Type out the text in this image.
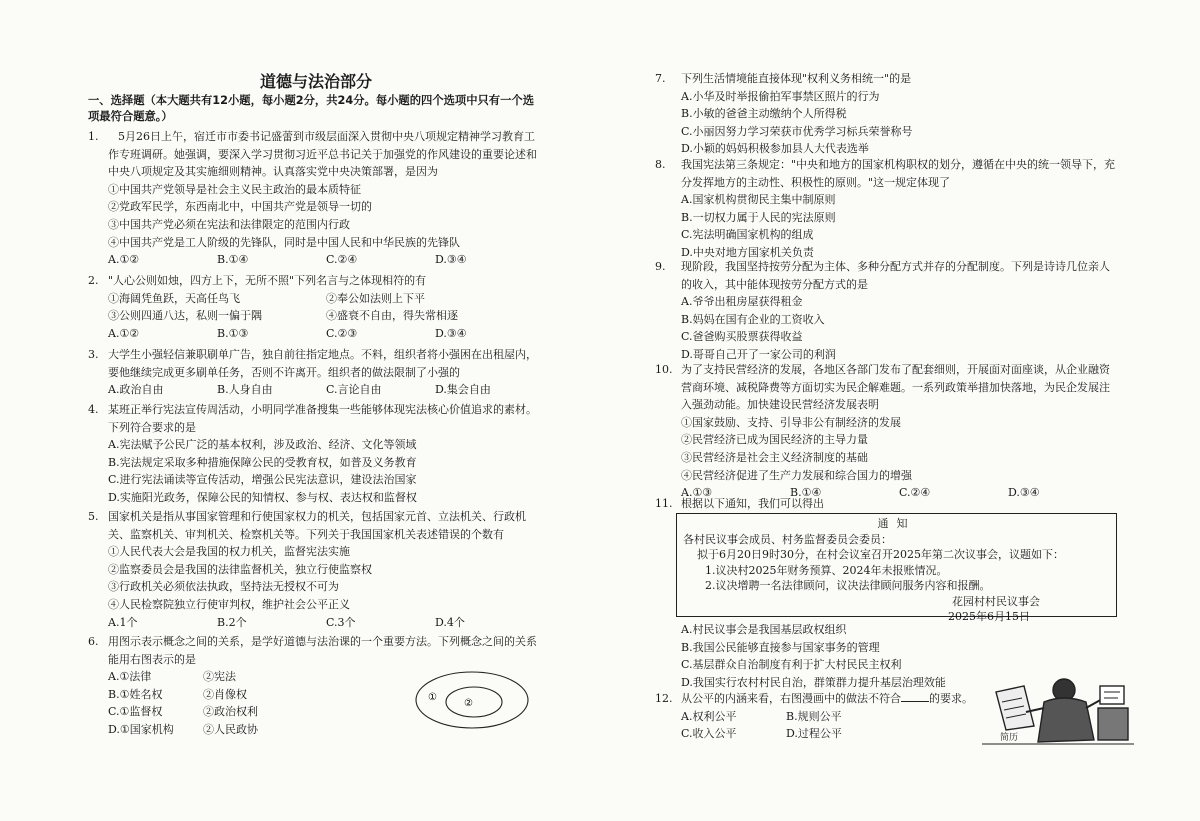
道德与法治部分
一、选择题（本大题共有12小题，每小题2分，共24分。每小题的四个选项中只有一个选项最符合题意。）
1.	5月26日上午，宿迁市市委书记盛蕾到市级层面深入贯彻中央八项规定精神学习教育工作专班调研。她强调，要深入学习贯彻习近平总书记关于加强党的作风建设的重要论述和中央八项规定及其实施细则精神。认真落实党中央决策部署，是因为
①中国共产党领导是社会主义民主政治的最本质特征
②党政军民学，东西南北中，中国共产党是领导一切的
③中国共产党必须在宪法和法律限定的范围内行政
④中国共产党是工人阶级的先锋队，同时是中国人民和中华民族的先锋队
A.①②	B.①④	C.②④	D.③④
2. "人心公则如烛，四方上下，无所不照"下列名言与之体现相符的有
①海阔凭鱼跃，天高任鸟飞	②奉公如法则上下平
③公则四通八达，私则一偏于隅	④盛衰不自由，得失常相逐
A.①②	B.①③	C.②③	D.③④
3. 大学生小强轻信兼职刷单广告，独自前往指定地点。不料，组织者将小强困在出租屋内，要他继续完成更多刷单任务，否则不许离开。组织者的做法限制了小强的
A.政治自由	B.人身自由	C.言论自由	D.集会自由
4. 某班正举行宪法宣传周活动，小明同学准备搜集一些能够体现宪法核心价值追求的素材。下列符合要求的是
A.宪法赋予公民广泛的基本权利，涉及政治、经济、文化等领域
B.宪法规定采取多种措施保障公民的受教育权，如普及义务教育
C.进行宪法诵读等宣传活动，增强公民宪法意识，建设法治国家
D.实施阳光政务，保障公民的知情权、参与权、表达权和监督权
5. 国家机关是指从事国家管理和行使国家权力的机关，包括国家元首、立法机关、行政机关、监察机关、审判机关、检察机关等。下列关于我国国家机关表述错误的个数有
①人民代表大会是我国的权力机关，监督宪法实施
②监察委员会是我国的法律监督机关，独立行使监察权
③行政机关必须依法执政，坚持法无授权不可为
④人民检察院独立行使审判权，维护社会公平正义
A.1个	B.2个	C.3个	D.4个
6. 用图示表示概念之间的关系，是学好道德与法治课的一个重要方法。下列概念之间的关系能用右图表示的是
A.①法律	②宪法
B.①姓名权	②肖像权
C.①监督权	②政治权利
D.①国家机构	②人民政协
①
②
7.	下列生活情境能直接体现"权利义务相统一"的是
A.小华及时举报偷拍军事禁区照片的行为
B.小敏的爸爸主动缴纳个人所得税
C.小丽因努力学习荣获市优秀学习标兵荣誉称号
D.小颖的妈妈积极参加县人大代表选举
8.	我国宪法第三条规定："中央和地方的国家机构职权的划分，遵循在中央的统一领导下，充分发挥地方的主动性、积极性的原则。"这一规定体现了
A.国家机构贯彻民主集中制原则
B.一切权力属于人民的宪法原则
C.宪法明确国家机构的组成
D.中央对地方国家机关负责
9.	现阶段，我国坚持按劳分配为主体、多种分配方式并存的分配制度。下列是诗诗几位亲人的收入，其中能体现按劳分配方式的是
A.爷爷出租房屋获得租金
B.妈妈在国有企业的工资收入
C.爸爸购买股票获得收益
D.哥哥自己开了一家公司的利润
10. 为了支持民营经济的发展，各地区各部门发布了配套细则，开展面对面座谈，从企业融资营商环境、减税降费等方面切实为民企解难题。一系列政策举措加快落地，为民企发展注入强劲动能。加快建设民营经济发展表明
①国家鼓励、支持、引导非公有制经济的发展
②民营经济已成为国民经济的主导力量
③民营经济是社会主义经济制度的基础
④民营经济促进了生产力发展和综合国力的增强
A.①③	B.①④	C.②④	D.③④
11. 根据以下通知，我们可以得出
通知
各村民议事会成员、村务监督委员会委员：
拟于6月20日9时30分，在村会议室召开2025年第二次议事会，议题如下：
1.议决村2025年财务预算、2024年未报账情况。
2.议决增聘一名法律顾问，议决法律顾问服务内容和报酬。
花园村村民议事会
2025年6月15日
A.村民议事会是我国基层政权组织
B.我国公民能够直接参与国家事务的管理
C.基层群众自治制度有利于扩大村民民主权利
D.我国实行农村村民自治，群策群力提升基层治理效能
12. 从公平的内涵来看，右图漫画中的做法不符合	的要求。
A.权利公平	B.规则公平
C.收入公平	D.过程公平	简历
